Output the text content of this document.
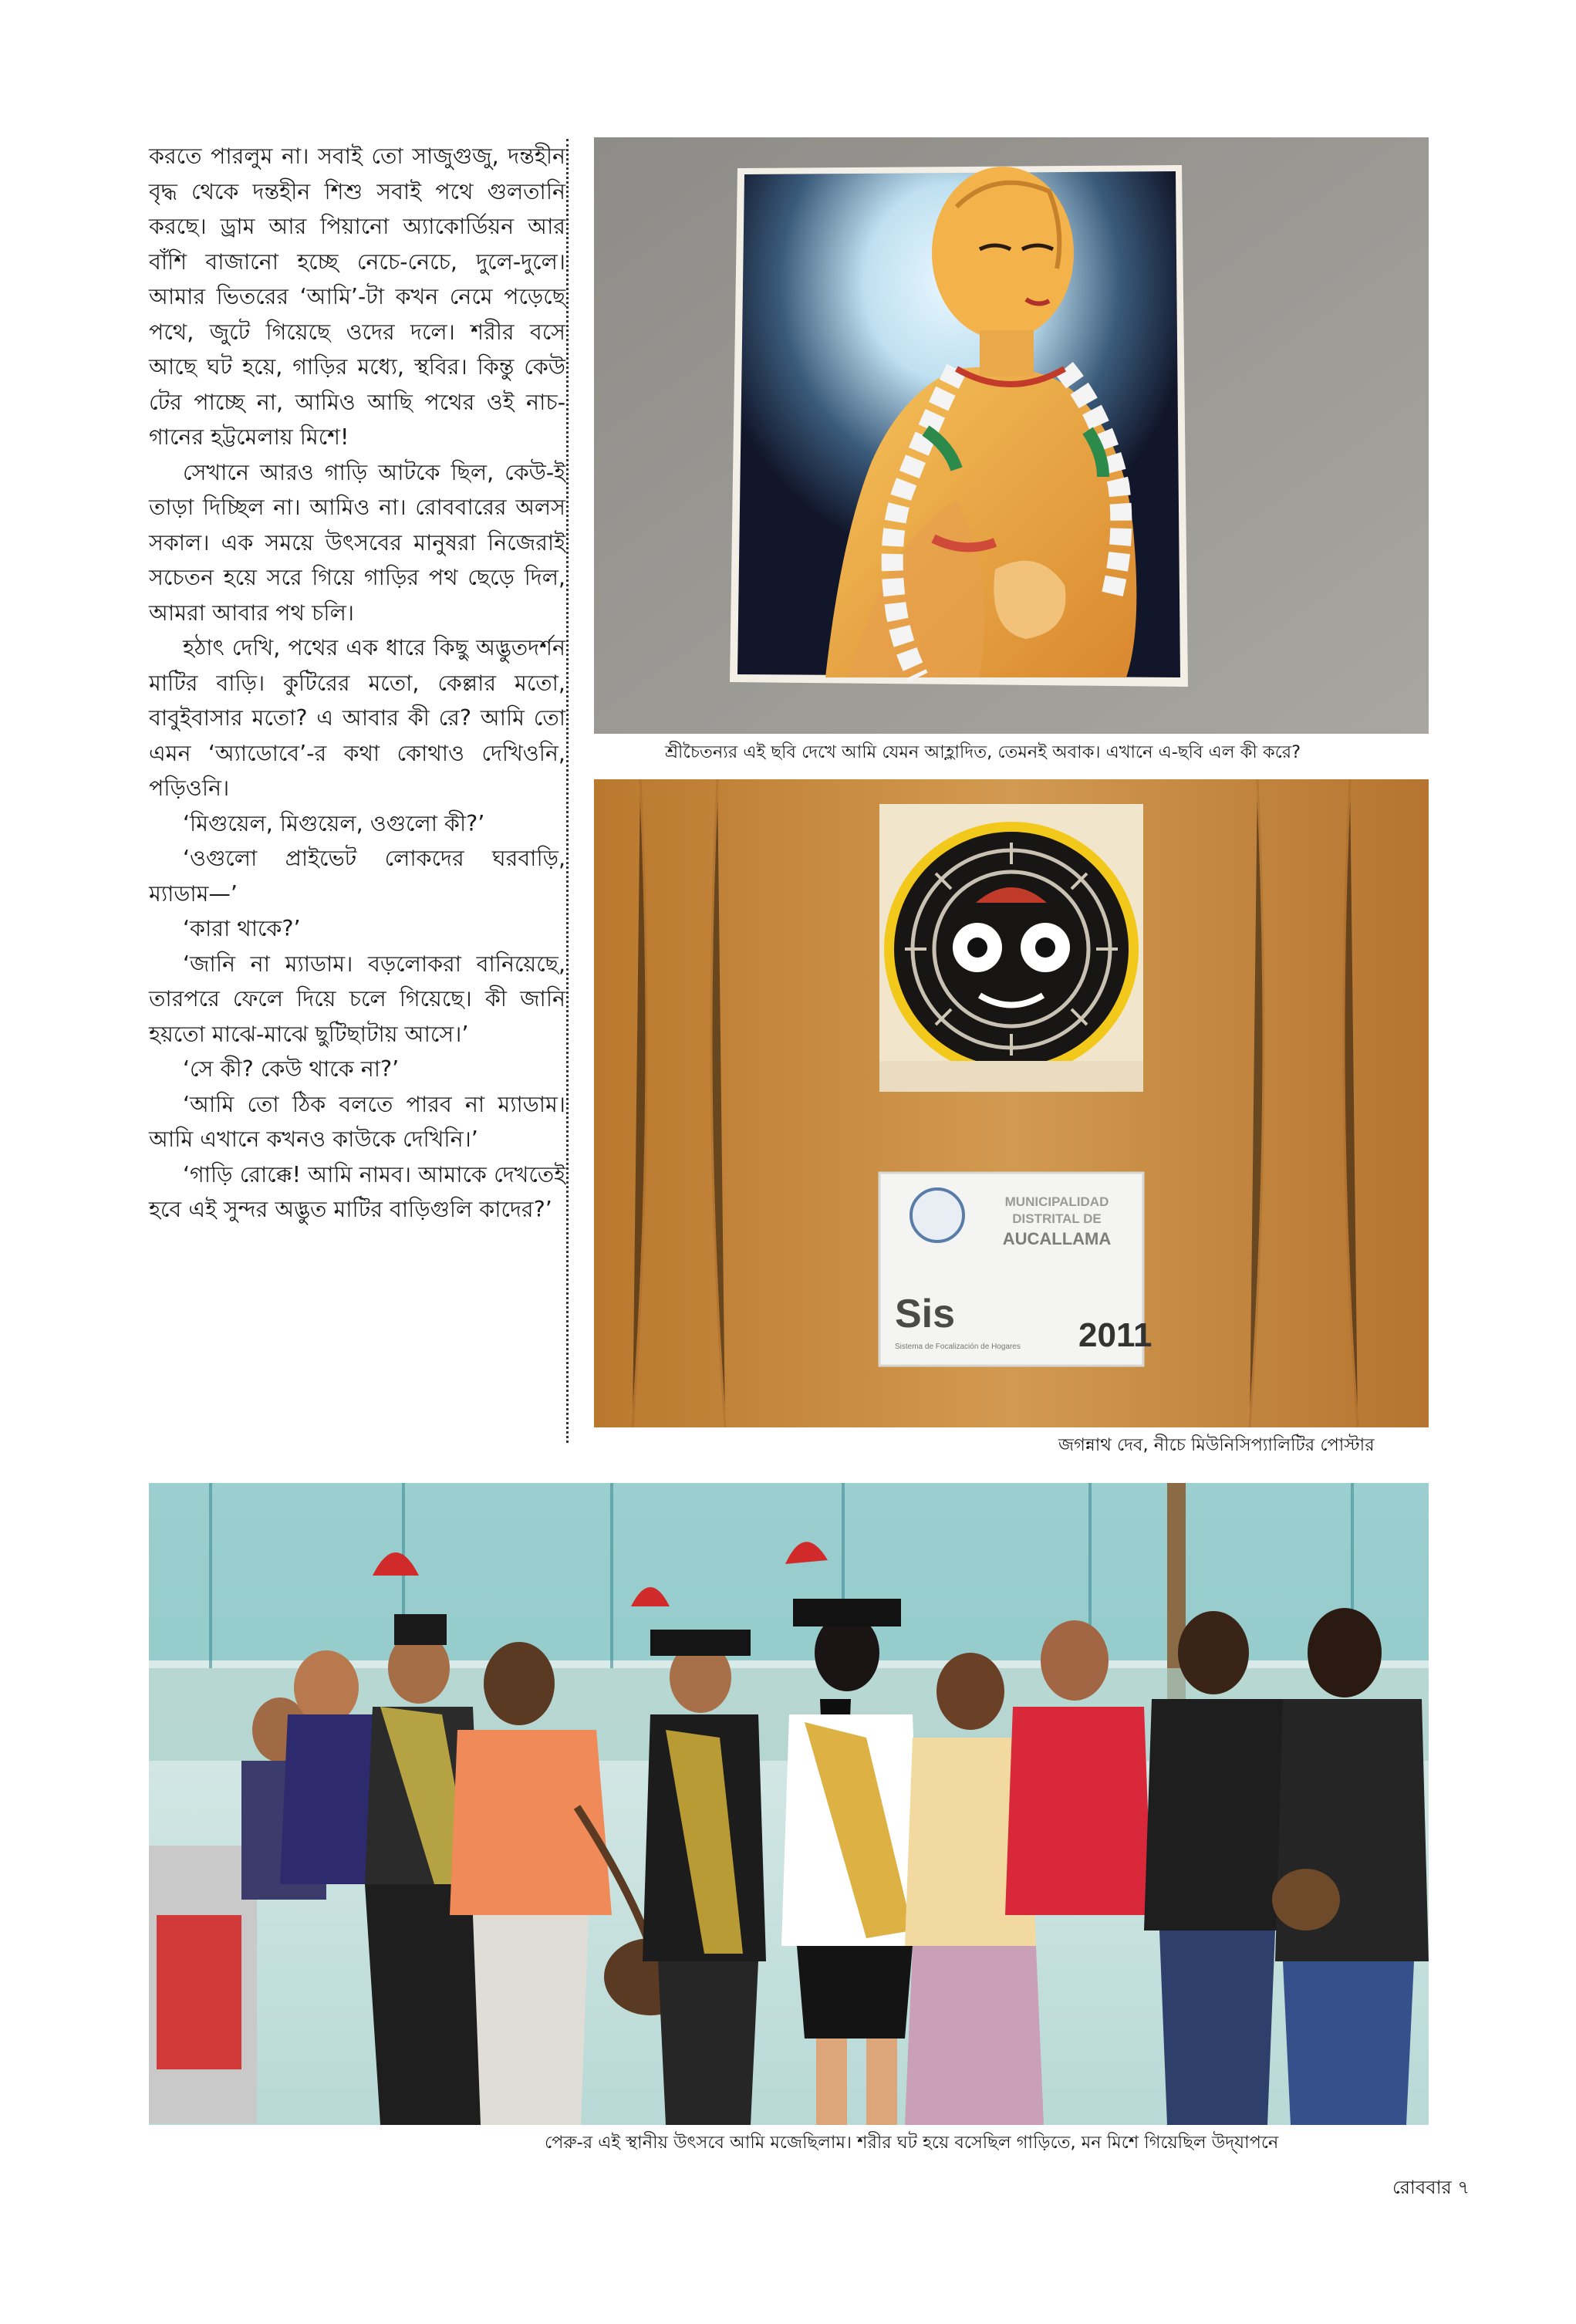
করতে পারলুম না। সবাই তো সাজুগুজু, দন্তহীন বৃদ্ধ থেকে দন্তহীন শিশু সবাই পথে গুলতানি করছে। ড্রাম আর পিয়ানো অ্যাকোর্ডিয়ন আর বাঁশি বাজানো হচ্ছে নেচে-নেচে, দুলে-দুলে। আমার ভিতরের ‘আমি’-টা কখন নেমে পড়েছে পথে, জুটে গিয়েছে ওদের দলে। শরীর বসে আছে ঘট হয়ে, গাড়ির মধ্যে, স্থবির। কিন্তু কেউ টের পাচ্ছে না, আমিও আছি পথের ওই নাচ-গানের হট্টমেলায় মিশে!

সেখানে আরও গাড়ি আটকে ছিল, কেউ-ই তাড়া দিচ্ছিল না। আমিও না। রোববারের অলস সকাল। এক সময়ে উৎসবের মানুষরা নিজেরাই সচেতন হয়ে সরে গিয়ে গাড়ির পথ ছেড়ে দিল, আমরা আবার পথ চলি।

হঠাৎ দেখি, পথের এক ধারে কিছু অদ্ভুতদর্শন মাটির বাড়ি। কুটিরের মতো, কেল্লার মতো, বাবুইবাসার মতো? এ আবার কী রে? আমি তো এমন ‘অ্যাডোবে’-র কথা কোথাও দেখিওনি, পড়িওনি।

‘মিগুয়েল, মিগুয়েল, ওগুলো কী?’

‘ওগুলো প্রাইভেট লোকদের ঘরবাড়ি, ম্যাডাম—’

‘কারা থাকে?’

‘জানি না ম্যাডাম। বড়লোকরা বানিয়েছে, তারপরে ফেলে দিয়ে চলে গিয়েছে। কী জানি হয়তো মাঝে-মাঝে ছুটিছাটায় আসে।’

‘সে কী? কেউ থাকে না?’

‘আমি তো ঠিক বলতে পারব না ম্যাডাম। আমি এখানে কখনও কাউকে দেখিনি।’

‘গাড়ি রোক্কে! আমি নামব। আমাকে দেখতেই হবে এই সুন্দর অদ্ভুত মাটির বাড়িগুলি কাদের?’

শ্রীচৈতন্যর এই ছবি দেখে আমি যেমন আহ্লাদিত, তেমনই অবাক। এখানে এ-ছবি এল কী করে?
MUNICIPALIDAD
DISTRITAL DE
AUCALLAMA
Sis
Sistema de Focalización de Hogares 2011
জগন্নাথ দেব, নীচে মিউনিসিপ্যালিটির পোস্টার
পেরু-র এই স্থানীয় উৎসবে আমি মজেছিলাম। শরীর ঘট হয়ে বসেছিল গাড়িতে, মন মিশে গিয়েছিল উদ্‌যাপনে
রোববার ৭
